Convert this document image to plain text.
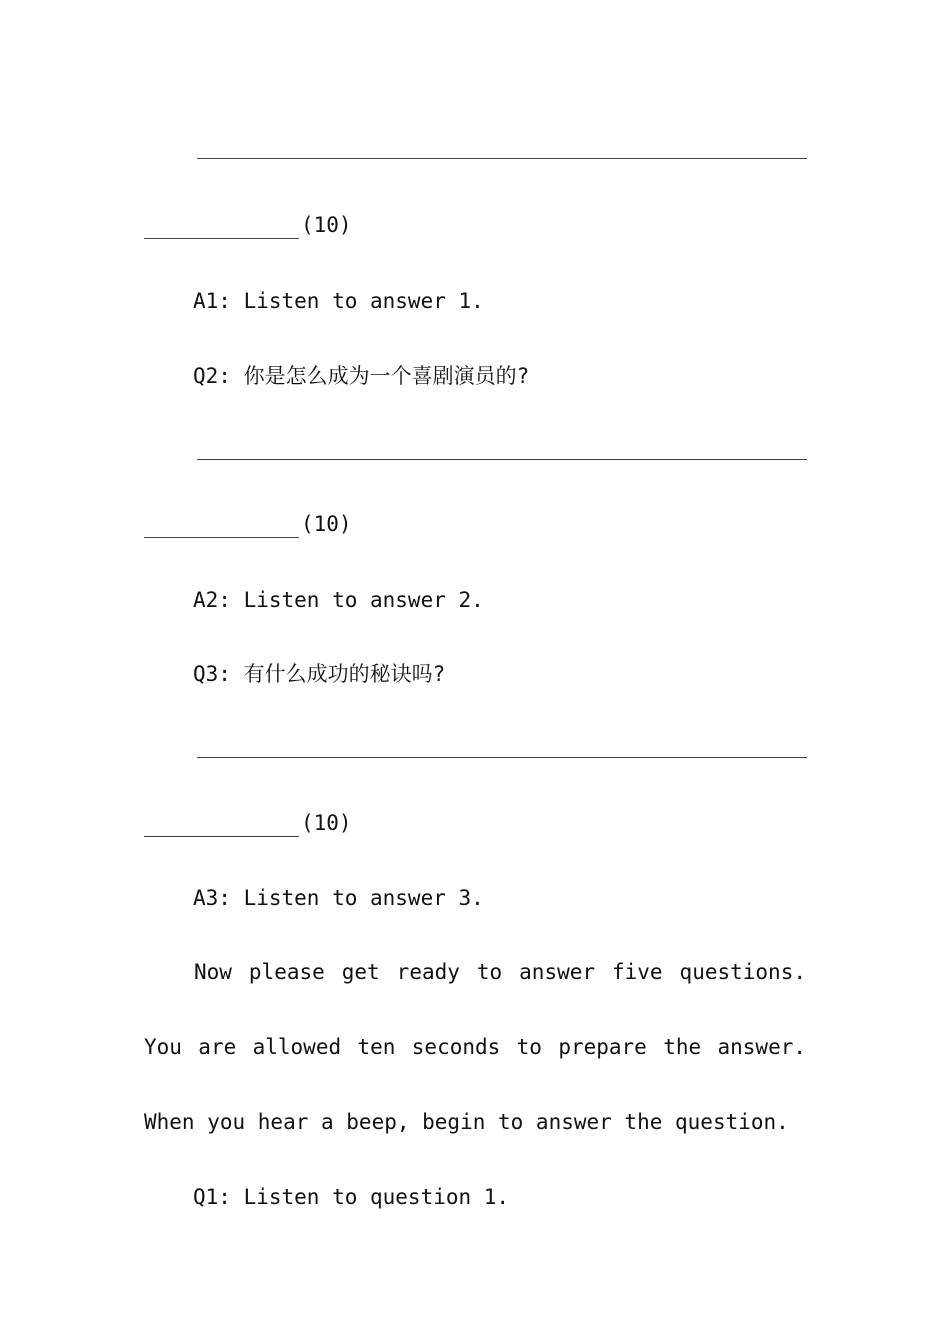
(10)
A1: Listen to answer 1.
Q2: 你是怎么成为一个喜剧演员的?
(10)
A2: Listen to answer 2.
Q3: 有什么成功的秘诀吗?
(10)
A3: Listen to answer 3.
Now please get ready to answer five questions. You are allowed ten seconds to prepare the answer. When you hear a beep, begin to answer the question.
Q1: Listen to question 1.
